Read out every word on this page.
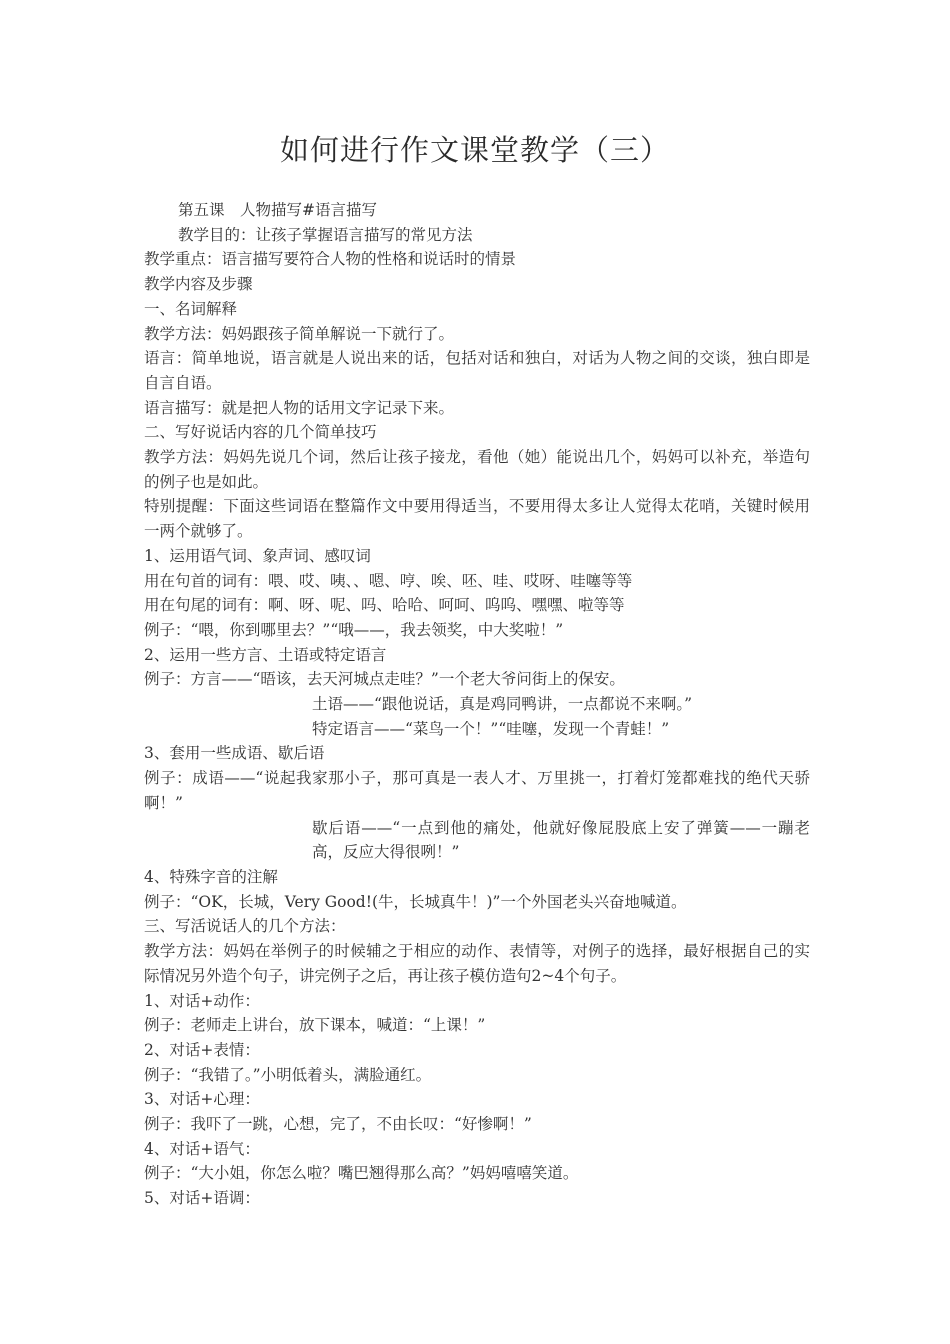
如何进行作文课堂教学（三）

第五课　人物描写#语言描写

教学目的：让孩子掌握语言描写的常见方法

教学重点：语言描写要符合人物的性格和说话时的情景

教学内容及步骤

一、名词解释

教学方法：妈妈跟孩子简单解说一下就行了。

语言：简单地说，语言就是人说出来的话，包括对话和独白，对话为人物之间的交谈，独白即是自言自语。

语言描写：就是把人物的话用文字记录下来。

二、写好说话内容的几个简单技巧

教学方法：妈妈先说几个词，然后让孩子接龙，看他（她）能说出几个，妈妈可以补充，举造句的例子也是如此。

特别提醒：下面这些词语在整篇作文中要用得适当，不要用得太多让人觉得太花哨，关键时候用一两个就够了。

1、运用语气词、象声词、感叹词

用在句首的词有：喂、哎、咦、、嗯、哼、唉、呸、哇、哎呀、哇噻等等

用在句尾的词有：啊、呀、呢、吗、哈哈、呵呵、呜呜、嘿嘿、啦等等

例子：“喂，你到哪里去？”“哦——，我去领奖，中大奖啦！”

2、运用一些方言、土语或特定语言

例子：方言——“晤该，去天河城点走哇？”一个老大爷问街上的保安。

土语——“跟他说话，真是鸡同鸭讲，一点都说不来啊。”

特定语言——“菜鸟一个！”“哇噻，发现一个青蛙！”

3、套用一些成语、歇后语

例子：成语——“说起我家那小子，那可真是一表人才、万里挑一，打着灯笼都难找的绝代天骄啊！”

歇后语——“一点到他的痛处，他就好像屁股底上安了弹簧——一蹦老高，反应大得很咧！”

4、特殊字音的注解

例子：“OK，长城，Very Good!(牛，长城真牛！)”一个外国老头兴奋地喊道。

三、写活说话人的几个方法：

教学方法：妈妈在举例子的时候辅之于相应的动作、表情等，对例子的选择，最好根据自己的实际情况另外造个句子，讲完例子之后，再让孩子模仿造句2~4个句子。

1、对话+动作：

例子：老师走上讲台，放下课本，喊道：“上课！”

2、对话+表情：

例子：“我错了。”小明低着头，满脸通红。

3、对话+心理：

例子：我吓了一跳，心想，完了，不由长叹：“好惨啊！”

4、对话+语气：

例子：“大小姐，你怎么啦？嘴巴翘得那么高？”妈妈嘻嘻笑道。

5、对话+语调：
